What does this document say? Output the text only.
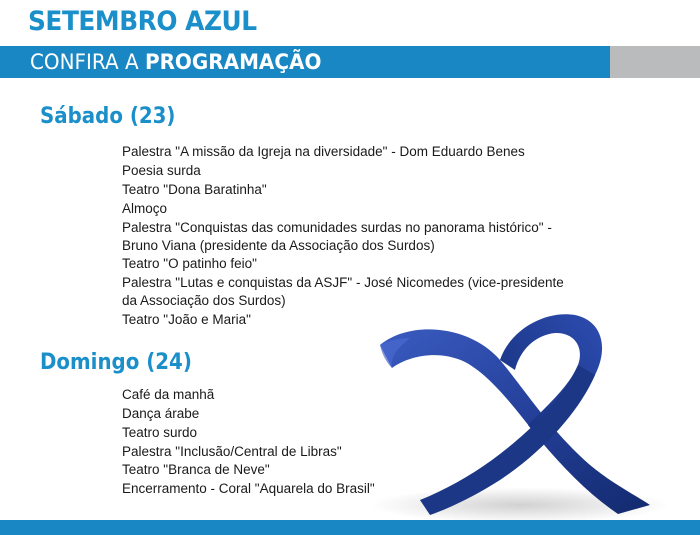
SETEMBRO AZUL
CONFIRA A PROGRAMAÇÃO
Sábado (23)
Palestra "A missão da Igreja na diversidade" - Dom Eduardo Benes
Poesia surda
Teatro "Dona Baratinha"
Almoço
Palestra "Conquistas das comunidades surdas no panorama histórico" -
Bruno Viana (presidente da Associação dos Surdos)
Teatro "O patinho feio"
Palestra "Lutas e conquistas da ASJF" - José Nicomedes (vice-presidente
da Associação dos Surdos)
Teatro "João e Maria"
Domingo (24)
Café da manhã
Dança árabe
Teatro surdo
Palestra "Inclusão/Central de Libras"
Teatro "Branca de Neve"
Encerramento - Coral "Aquarela do Brasil"
